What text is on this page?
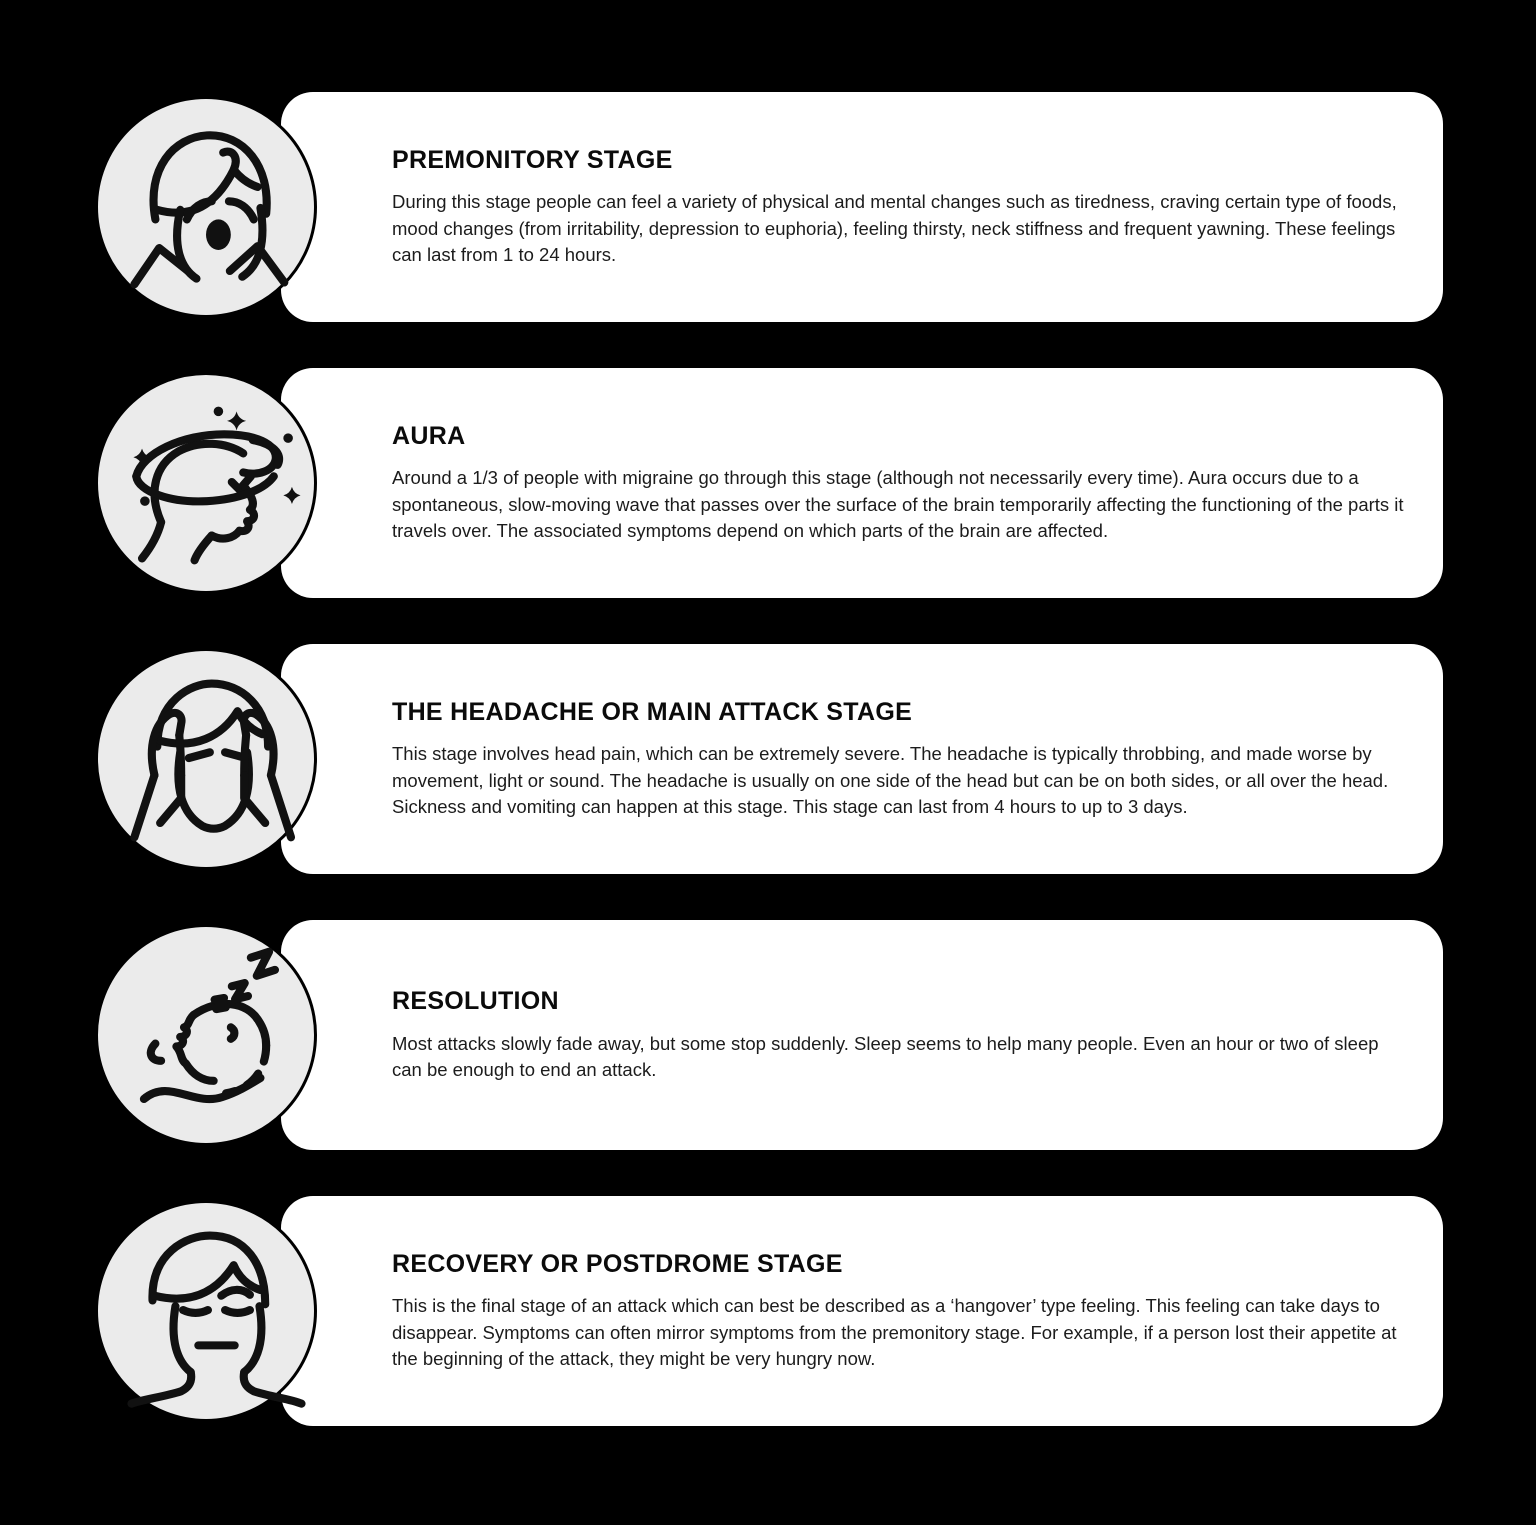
PREMONITORY STAGE

During this stage people can feel a variety of physical and mental changes such as tiredness, craving certain type of foods, mood changes (from irritability, depression to euphoria), feeling thirsty, neck stiffness and frequent yawning. These feelings can last from 1 to 24 hours.

AURA

Around a 1/3 of people with migraine go through this stage (although not necessarily every time). Aura occurs due to a spontaneous, slow-moving wave that passes over the surface of the brain temporarily affecting the functioning of the parts it travels over. The associated symptoms depend on which parts of the brain are affected.

THE HEADACHE OR MAIN ATTACK STAGE

This stage involves head pain, which can be extremely severe. The headache is typically throbbing, and made worse by movement, light or sound. The headache is usually on one side of the head but can be on both sides, or all over the head. Sickness and vomiting can happen at this stage. This stage can last from 4 hours to up to 3 days.

RESOLUTION

Most attacks slowly fade away, but some stop suddenly. Sleep seems to help many people. Even an hour or two of sleep can be enough to end an attack.

RECOVERY OR POSTDROME STAGE

This is the final stage of an attack which can best be described as a ‘hangover’ type feeling. This feeling can take days to disappear. Symptoms can often mirror symptoms from the premonitory stage. For example, if a person lost their appetite at the beginning of the attack, they might be very hungry now.
